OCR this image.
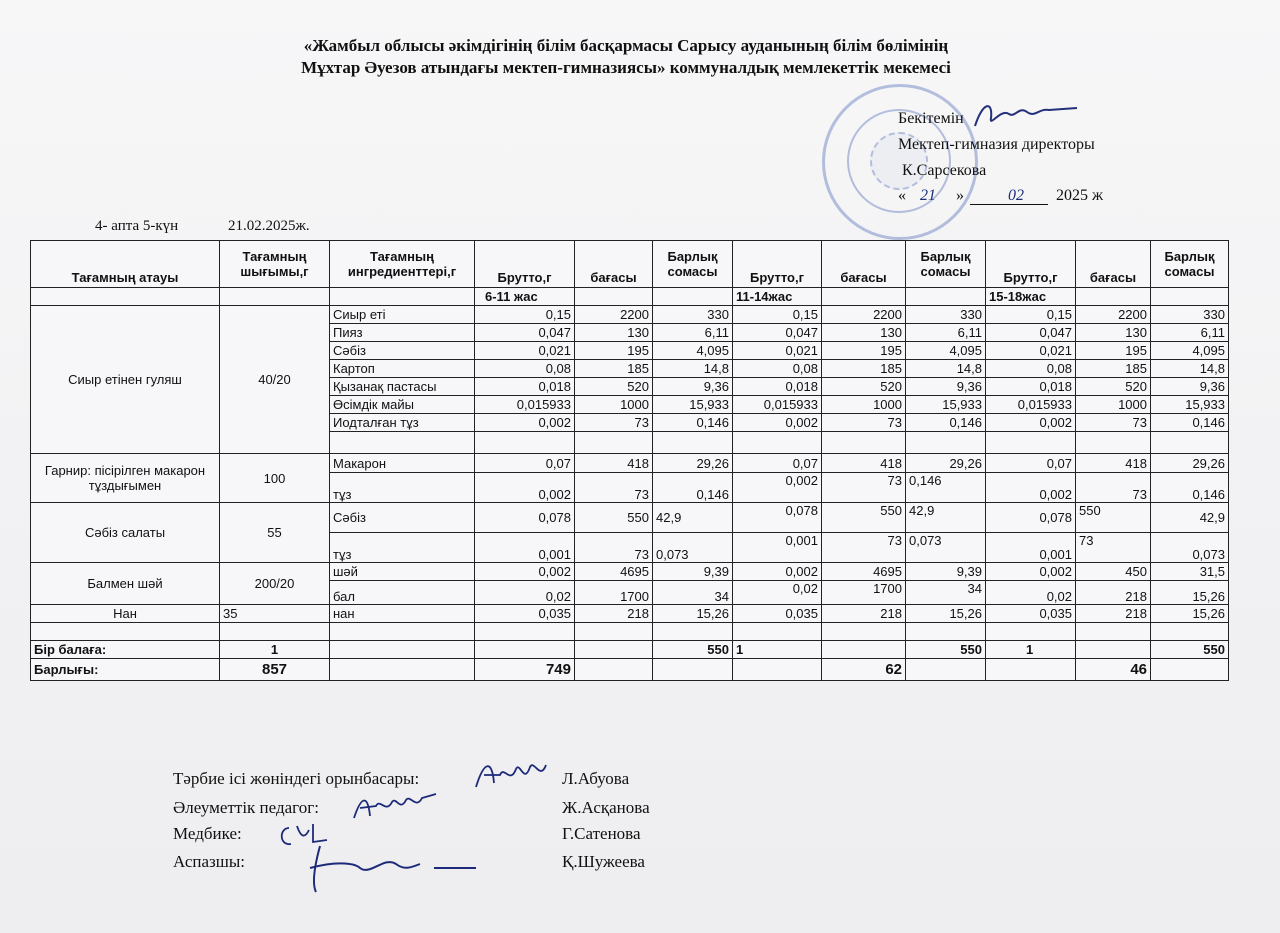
«Жамбыл облысы әкімдігінің білім басқармасы Сарысу ауданының білім бөлімінің
Мұхтар Әуезов атындағы мектеп-гимназиясы» коммуналдық мемлекеттік мекемесі
Бекітемін
Мектеп-гимназия директоры
К.Сарсекова
« 21 »	02 2025 ж
4- апта 5-күн	21.02.2025ж.
Тағамның атауы	Тағамның шығымы,г	Тағамның ингредиенттері,г	Брутто,г	бағасы	Барлық сомасы	Брутто,г	бағасы	Барлық сомасы	Брутто,г	бағасы	Барлық сомасы
			6-11 жас			11-14жас			15-18жас		
Сиыр етінен гуляш	40/20	Сиыр еті	0,15	2200	330	0,15	2200	330	0,15	2200	330
		Пияз	0,047	130	6,11	0,047	130	6,11	0,047	130	6,11
		Сәбіз	0,021	195	4,095	0,021	195	4,095	0,021	195	4,095
		Картоп	0,08	185	14,8	0,08	185	14,8	0,08	185	14,8
		Қызанақ пастасы	0,018	520	9,36	0,018	520	9,36	0,018	520	9,36
		Өсімдік майы	0,015933	1000	15,933	0,015933	1000	15,933	0,015933	1000	15,933
		Иодталған тұз	0,002	73	0,146	0,002	73	0,146	0,002	73	0,146

Гарнир: пісірілген макарон тұздығымен	100	Макарон	0,07	418	29,26	0,07	418	29,26	0,07	418	29,26
		тұз	0,002	73	0,146	0,002	73	0,146	0,002	73	0,146
Сәбіз салаты	55	Сәбіз	0,078	550	42,9	0,078	550	42,9	0,078	550	42,9
		тұз	0,001	73	0,073	0,001	73	0,073	0,001	73	0,073
Балмен шәй	200/20	шәй	0,002	4695	9,39	0,002	4695	9,39	0,002	450	31,5
		бал	0,02	1700	34	0,02	1700	34	0,02	218	15,26
Нан	35	нан	0,035	218	15,26	0,035	218	15,26	0,035	218	15,26

Бір балаға:	1				550	1		550	1		550
Барлығы:	857		749				62			46	
Тәрбие ісі жөніндегі орынбасары:	Л.Абуова
Әлеуметтік педагог:	Ж.Асқанова
Медбике:	Г.Сатенова
Аспазшы:	Қ.Шужеева
